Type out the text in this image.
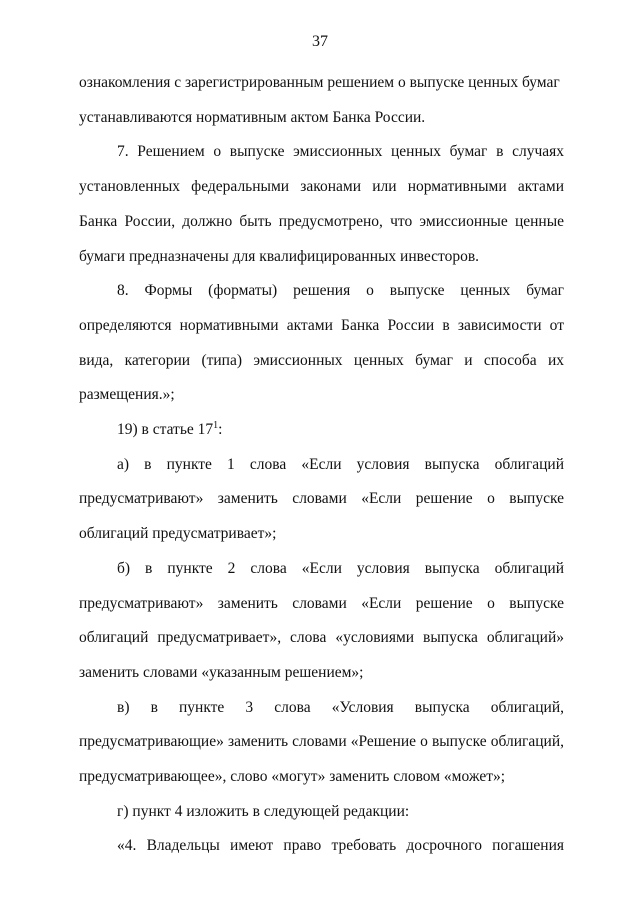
37

ознакомления с зарегистрированным решением о выпуске ценных бумаг
устанавливаются нормативным актом Банка России.

7. Решением о выпуске эмиссионных ценных бумаг в случаях установленных федеральными законами или нормативными актами Банка России, должно быть предусмотрено, что эмиссионные ценные бумаги предназначены для квалифицированных инвесторов.

8. Формы (форматы) решения о выпуске ценных бумаг определяются нормативными актами Банка России в зависимости от вида, категории (типа) эмиссионных ценных бумаг и способа их размещения.»;

19) в статье $17^1$:

а) в пункте 1 слова «Если условия выпуска облигаций предусматривают» заменить словами «Если решение о выпуске облигаций предусматривает»;

б) в пункте 2 слова «Если условия выпуска облигаций предусматривают» заменить словами «Если решение о выпуске облигаций предусматривает», слова «условиями выпуска облигаций» заменить словами «указанным решением»;

в) в пункте 3 слова «Условия выпуска облигаций, предусматривающие» заменить словами «Решение о выпуске облигаций, предусматривающее», слово «могут» заменить словом «может»;

г) пункт 4 изложить в следующей редакции:

«4. Владельцы имеют право требовать досрочного погашения
